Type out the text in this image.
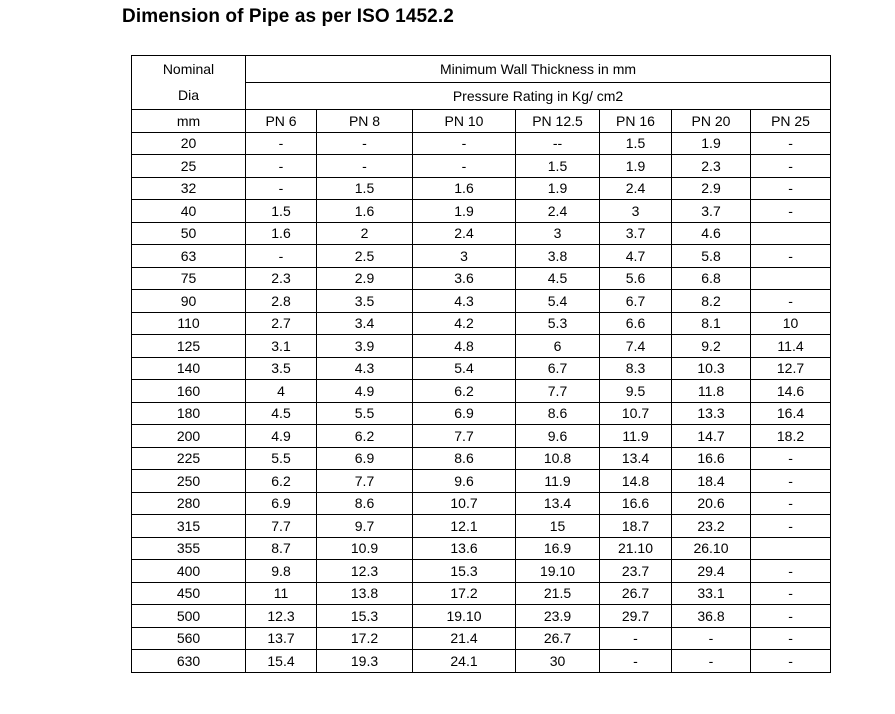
Dimension of Pipe as per ISO 1452.2
Nominal	Minimum Wall Thickness in mm						
Dia	Pressure Rating in Kg/ cm2						
mm	PN 6	PN 8	PN 10	PN 12.5	PN 16	PN 20	PN 25
20	-	-	-	--	1.5	1.9	-
25	-	-	-	1.5	1.9	2.3	-
32	-	1.5	1.6	1.9	2.4	2.9	-
40	1.5	1.6	1.9	2.4	3	3.7	-
50	1.6	2	2.4	3	3.7	4.6	
63	-	2.5	3	3.8	4.7	5.8	-
75	2.3	2.9	3.6	4.5	5.6	6.8	
90	2.8	3.5	4.3	5.4	6.7	8.2	-
110	2.7	3.4	4.2	5.3	6.6	8.1	10
125	3.1	3.9	4.8	6	7.4	9.2	11.4
140	3.5	4.3	5.4	6.7	8.3	10.3	12.7
160	4	4.9	6.2	7.7	9.5	11.8	14.6
180	4.5	5.5	6.9	8.6	10.7	13.3	16.4
200	4.9	6.2	7.7	9.6	11.9	14.7	18.2
225	5.5	6.9	8.6	10.8	13.4	16.6	-
250	6.2	7.7	9.6	11.9	14.8	18.4	-
280	6.9	8.6	10.7	13.4	16.6	20.6	-
315	7.7	9.7	12.1	15	18.7	23.2	-
355	8.7	10.9	13.6	16.9	21.10	26.10	
400	9.8	12.3	15.3	19.10	23.7	29.4	-
450	11	13.8	17.2	21.5	26.7	33.1	-
500	12.3	15.3	19.10	23.9	29.7	36.8	-
560	13.7	17.2	21.4	26.7	-	-	-
630	15.4	19.3	24.1	30	-	-	-
